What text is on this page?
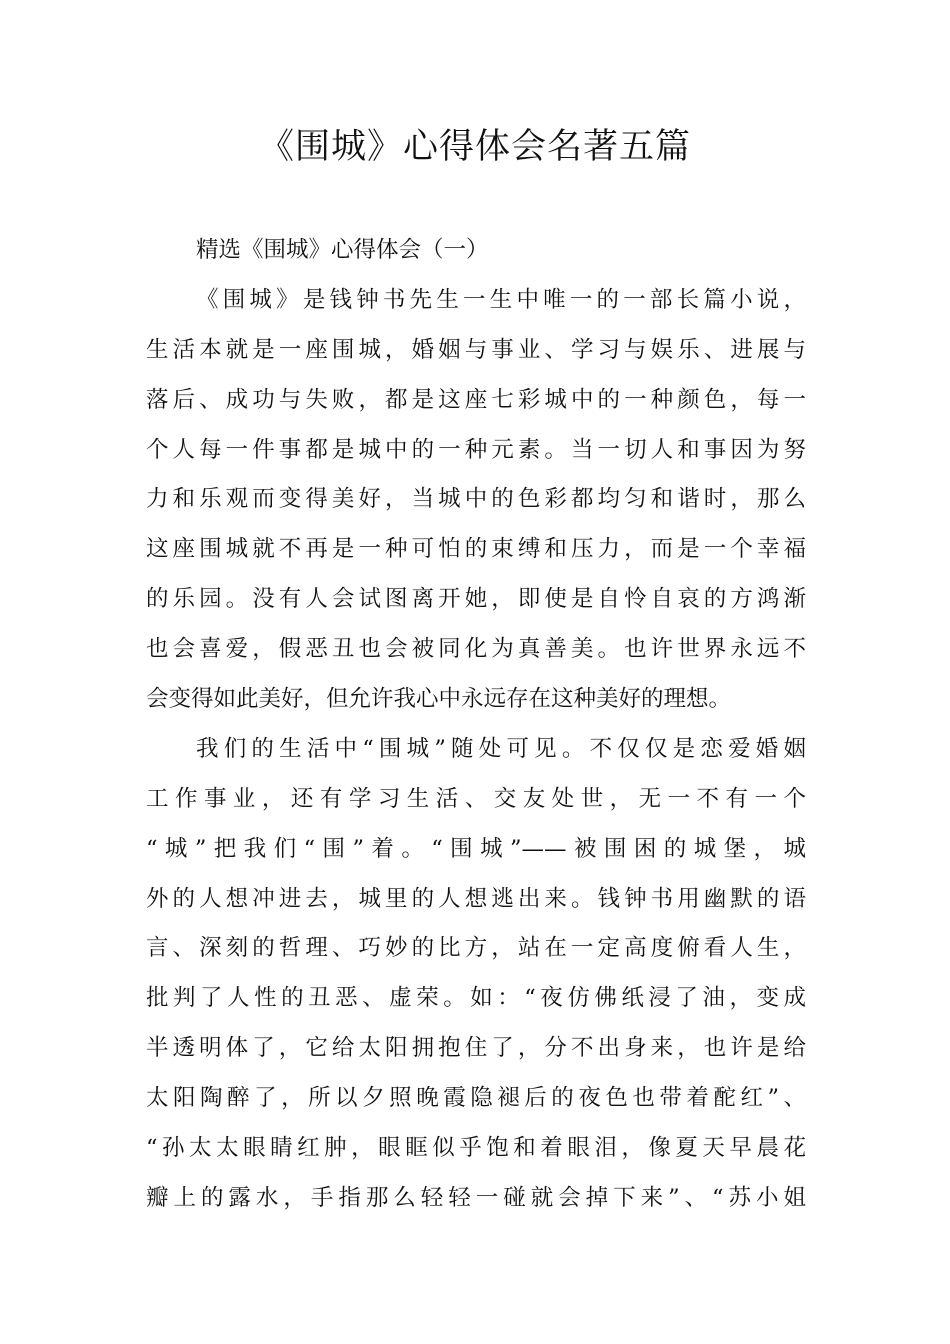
《围城》心得体会名著五篇
精选《围城》心得体会（一）
《围城》是钱钟书先生一生中唯一的一部长篇小说，
生活本就是一座围城，婚姻与事业、学习与娱乐、进展与
落后、成功与失败，都是这座七彩城中的一种颜色，每一
个人每一件事都是城中的一种元素。当一切人和事因为努
力和乐观而变得美好，当城中的色彩都均匀和谐时，那么
这座围城就不再是一种可怕的束缚和压力，而是一个幸福
的乐园。没有人会试图离开她，即使是自怜自哀的方鸿渐
也会喜爱，假恶丑也会被同化为真善美。也许世界永远不
会变得如此美好，但允许我心中永远存在这种美好的理想。
我们的生活中“围城”随处可见。不仅仅是恋爱婚姻
工作事业，还有学习生活、交友处世，无一不有一个
“城”把我们“围”着。“围城”——被围困的城堡，城
外的人想冲进去，城里的人想逃出来。钱钟书用幽默的语
言、深刻的哲理、巧妙的比方，站在一定高度俯看人生，
批判了人性的丑恶、虚荣。如：“夜仿佛纸浸了油，变成
半透明体了，它给太阳拥抱住了，分不出身来，也许是给
太阳陶醉了，所以夕照晚霞隐褪后的夜色也带着酡红”、
“孙太太眼睛红肿，眼眶似乎饱和着眼泪，像夏天早晨花
瓣上的露水，手指那么轻轻一碰就会掉下来”、“苏小姐
